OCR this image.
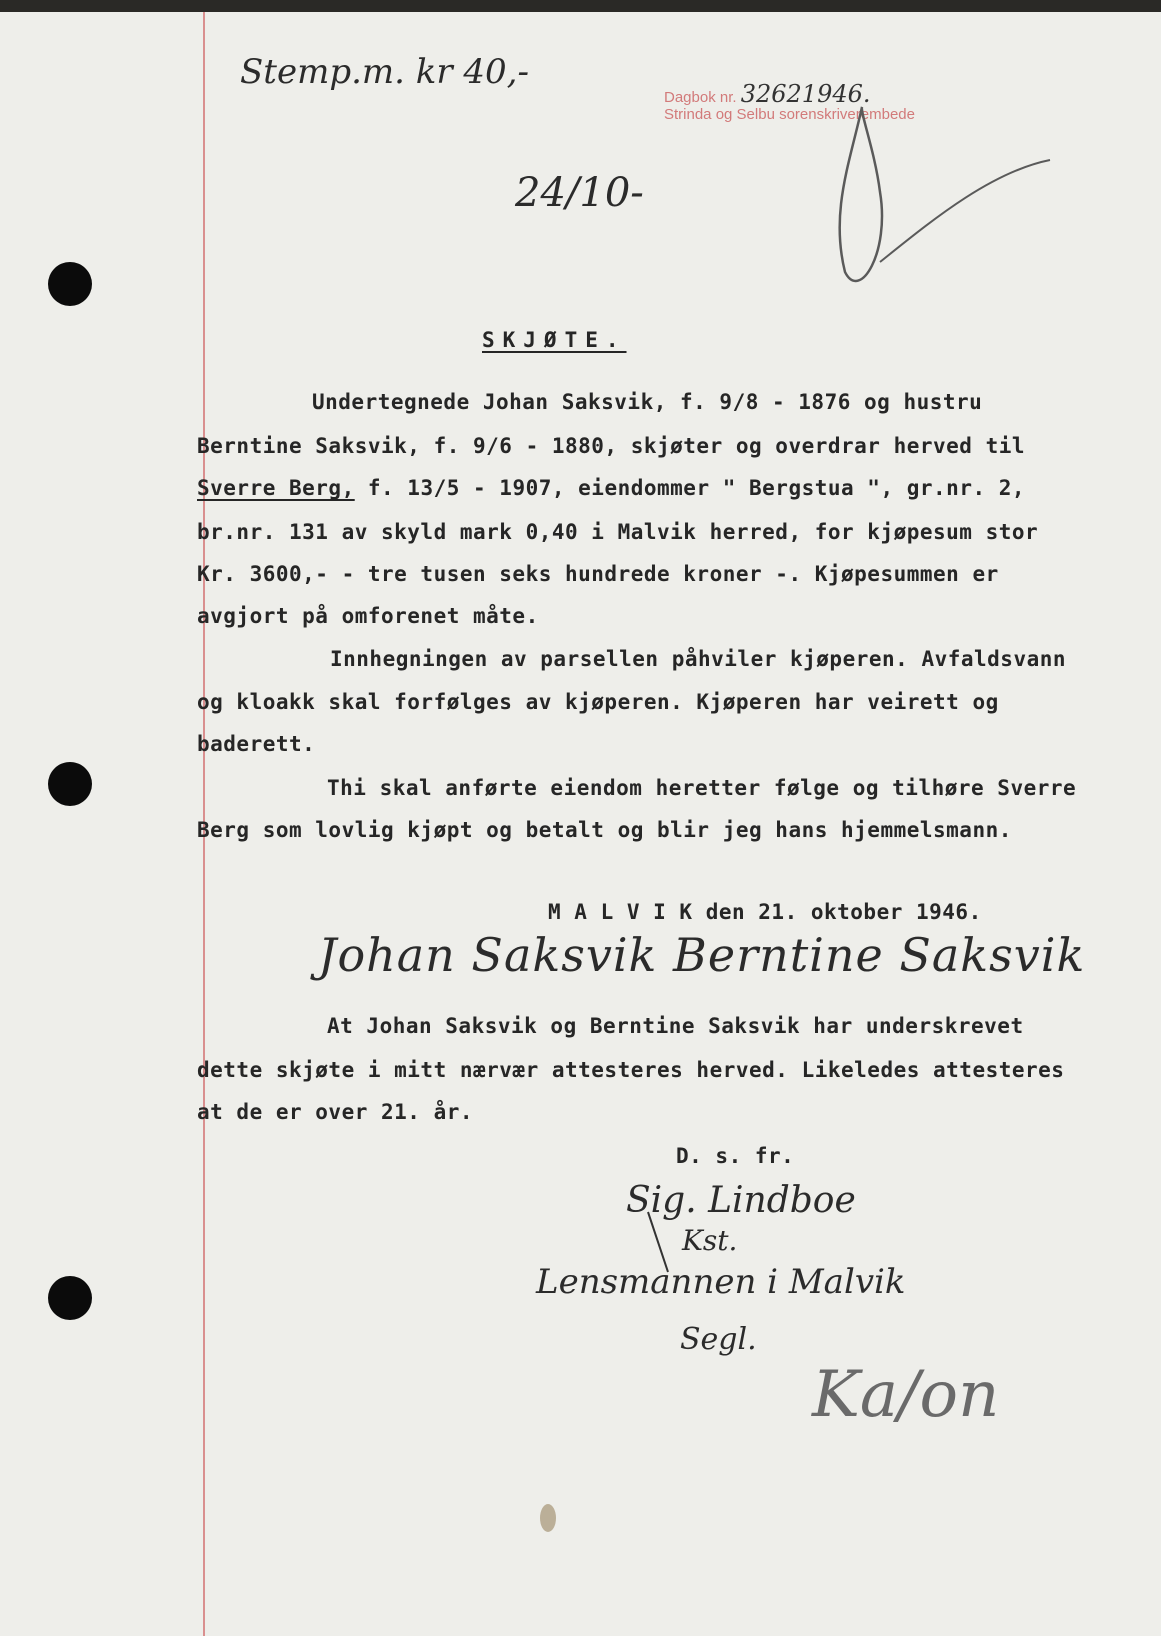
Stemp.m. kr 40,-
Dagbok nr. 32621946.
Strinda og Selbu sorenskriverembede
24/10-
SKJØTE.
Undertegnede Johan Saksvik, f. 9/8 - 1876 og hustru
Berntine Saksvik, f. 9/6 - 1880, skjøter og overdrar herved til
Sverre Berg, f. 13/5 - 1907, eiendommer " Bergstua ", gr.nr. 2,
br.nr. 131 av skyld mark 0,40 i Malvik herred, for kjøpesum stor
Kr. 3600,- - tre tusen seks hundrede kroner -. Kjøpesummen er
avgjort på omforenet måte.
Innhegningen av parsellen påhviler kjøperen. Avfaldsvann
og kloakk skal forfølges av kjøperen. Kjøperen har veirett og
baderett.
Thi skal anførte eiendom heretter følge og tilhøre Sverre
Berg som lovlig kjøpt og betalt og blir jeg hans hjemmelsmann.
M A L V I K den 21. oktober 1946.
Johan Saksvik Berntine Saksvik
At Johan Saksvik og Berntine Saksvik har underskrevet
dette skjøte i mitt nærvær attesteres herved. Likeledes attesteres
at de er over 21. år.
D. s. fr.
Sig. Lindboe
Kst.
Lensmannen i Malvik
Segl.
Ka/on
